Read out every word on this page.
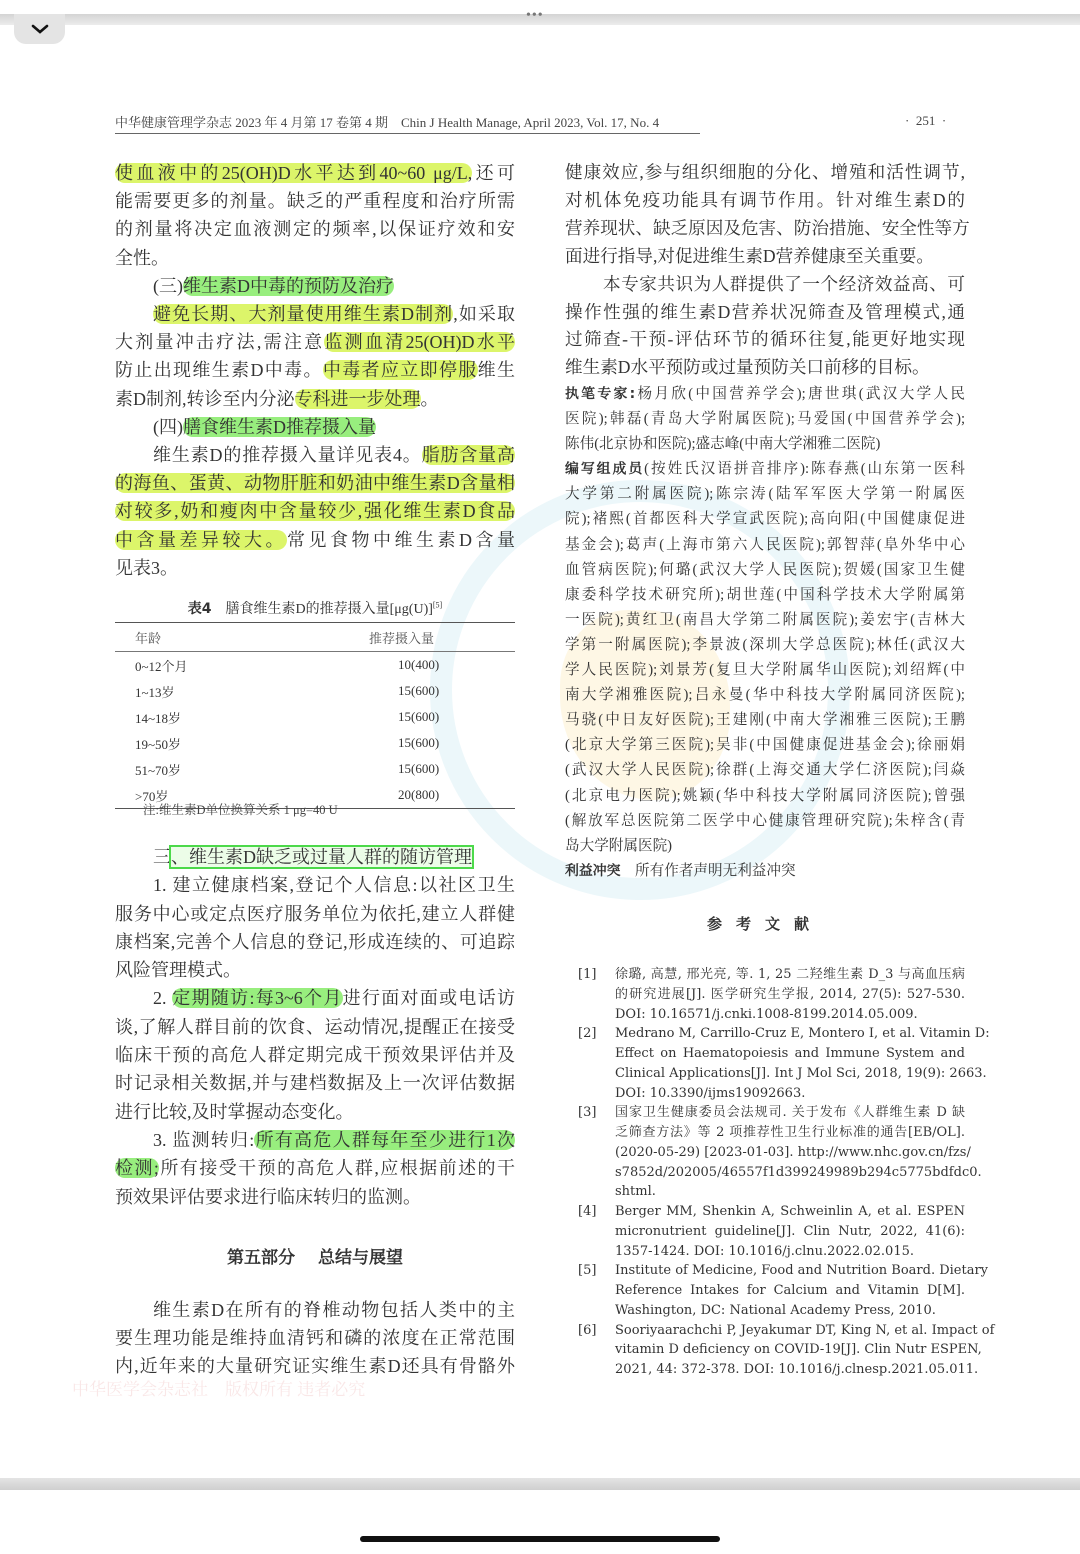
•••
中华健康管理学杂志 2023 年 4 月第 17 卷第 4 期　Chin J Health Manage, April 2023, Vol. 17, No. 4	·  251  ·
使血液中的25(OH)D水平达到40~60 μg/L,还可
能需要更多的剂量。缺乏的严重程度和治疗所需
的剂量将决定血液测定的频率,以保证疗效和安
全性。
(三)维生素D中毒的预防及治疗
避免长期、大剂量使用维生素D制剂,如采取
大剂量冲击疗法,需注意监测血清25(OH)D水平
防止出现维生素D中毒。中毒者应立即停服维生
素D制剂,转诊至内分泌专科进一步处理。
(四)膳食维生素D推荐摄入量
维生素D的推荐摄入量详见表4。脂肪含量高
的海鱼、蛋黄、动物肝脏和奶油中维生素D含量相
对较多,奶和瘦肉中含量较少,强化维生素D食品
中含量差异较大。常见食物中维生素D含量
见表3。
表4 膳食维生素D的推荐摄入量[μg(U)][5]
年龄	推荐摄入量
0~12个月	10(400)
1~13岁	15(600)
14~18岁	15(600)
19~50岁	15(600)
51~70岁	15(600)
>70岁	20(800)
注:维生素D单位换算关系 1 μg=40 U
三、维生素D缺乏或过量人群的随访管理
1. 建立健康档案,登记个人信息:以社区卫生
服务中心或定点医疗服务单位为依托,建立人群健
康档案,完善个人信息的登记,形成连续的、可追踪
风险管理模式。
2. 定期随访:每3~6个月进行面对面或电话访
谈,了解人群目前的饮食、运动情况,提醒正在接受
临床干预的高危人群定期完成干预效果评估并及
时记录相关数据,并与建档数据及上一次评估数据
进行比较,及时掌握动态变化。
3. 监测转归:所有高危人群每年至少进行1次
检测;所有接受干预的高危人群,应根据前述的干
预效果评估要求进行临床转归的监测。
第五部分　 总结与展望
维生素D在所有的脊椎动物包括人类中的主
要生理功能是维持血清钙和磷的浓度在正常范围
内,近年来的大量研究证实维生素D还具有骨骼外
中华医学会杂志社　版权所有 违者必究
健康效应,参与组织细胞的分化、增殖和活性调节,
对机体免疫功能具有调节作用。针对维生素D的
营养现状、缺乏原因及危害、防治措施、安全性等方
面进行指导,对促进维生素D营养健康至关重要。
本专家共识为人群提供了一个经济效益高、可
操作性强的维生素D营养状况筛查及管理模式,通
过筛查-干预-评估环节的循环往复,能更好地实现
维生素D水平预防或过量预防关口前移的目标。
执笔专家:杨月欣(中国营养学会);唐世琪(武汉大学人民
医院);韩磊(青岛大学附属医院);马爱国(中国营养学会);
陈伟(北京协和医院);盛志峰(中南大学湘雅二医院)
编写组成员(按姓氏汉语拼音排序):陈春燕(山东第一医科
大学第二附属医院);陈宗涛(陆军军医大学第一附属医
院);褚熙(首都医科大学宣武医院);高向阳(中国健康促进
基金会);葛声(上海市第六人民医院);郭智萍(阜外华中心
血管病医院);何璐(武汉大学人民医院);贺媛(国家卫生健
康委科学技术研究所);胡世莲(中国科学技术大学附属第
一医院);黄红卫(南昌大学第二附属医院);姜宏宇(吉林大
学第一附属医院);李景波(深圳大学总医院);林任(武汉大
学人民医院);刘景芳(复旦大学附属华山医院);刘绍辉(中
南大学湘雅医院);吕永曼(华中科技大学附属同济医院);
马骁(中日友好医院);王建刚(中南大学湘雅三医院);王鹏
(北京大学第三医院);吴非(中国健康促进基金会);徐丽娟
(武汉大学人民医院);徐群(上海交通大学仁济医院);闫焱
(北京电力医院);姚颖(华中科技大学附属同济医院);曾强
(解放军总医院第二医学中心健康管理研究院);朱梓含(青
岛大学附属医院)
利益冲突　所有作者声明无利益冲突
参考文献
[1] 徐璐, 高慧, 邢光亮, 等. 1, 25 二羟维生素 D_3 与高血压病
的研究进展[J]. 医学研究生学报, 2014, 27(5): 527-530.
DOI: 10.16571/j.cnki.1008-8199.2014.05.009.
[2] Medrano M, Carrillo-Cruz E, Montero I, et al. Vitamin D:
Effect on Haematopoiesis and Immune System and
Clinical Applications[J]. Int J Mol Sci, 2018, 19(9): 2663.
DOI: 10.3390/ijms19092663.
[3] 国家卫生健康委员会法规司. 关于发布《人群维生素 D 缺
乏筛查方法》等 2 项推荐性卫生行业标准的通告[EB/OL].
(2020-05-29) [2023-01-03]. http://www.nhc.gov.cn/fzs/
s7852d/202005/46557f1d399249989b294c5775bdfdc0.
shtml.
[4] Berger MM, Shenkin A, Schweinlin A, et al. ESPEN
micronutrient guideline[J]. Clin Nutr, 2022, 41(6):
1357-1424. DOI: 10.1016/j.clnu.2022.02.015.
[5] Institute of Medicine, Food and Nutrition Board. Dietary
Reference Intakes for Calcium and Vitamin D[M].
Washington, DC: National Academy Press, 2010.
[6] Sooriyaarachchi P, Jeyakumar DT, King N, et al. Impact of
vitamin D deficiency on COVID-19[J]. Clin Nutr ESPEN,
2021, 44: 372-378. DOI: 10.1016/j.clnesp.2021.05.011.
